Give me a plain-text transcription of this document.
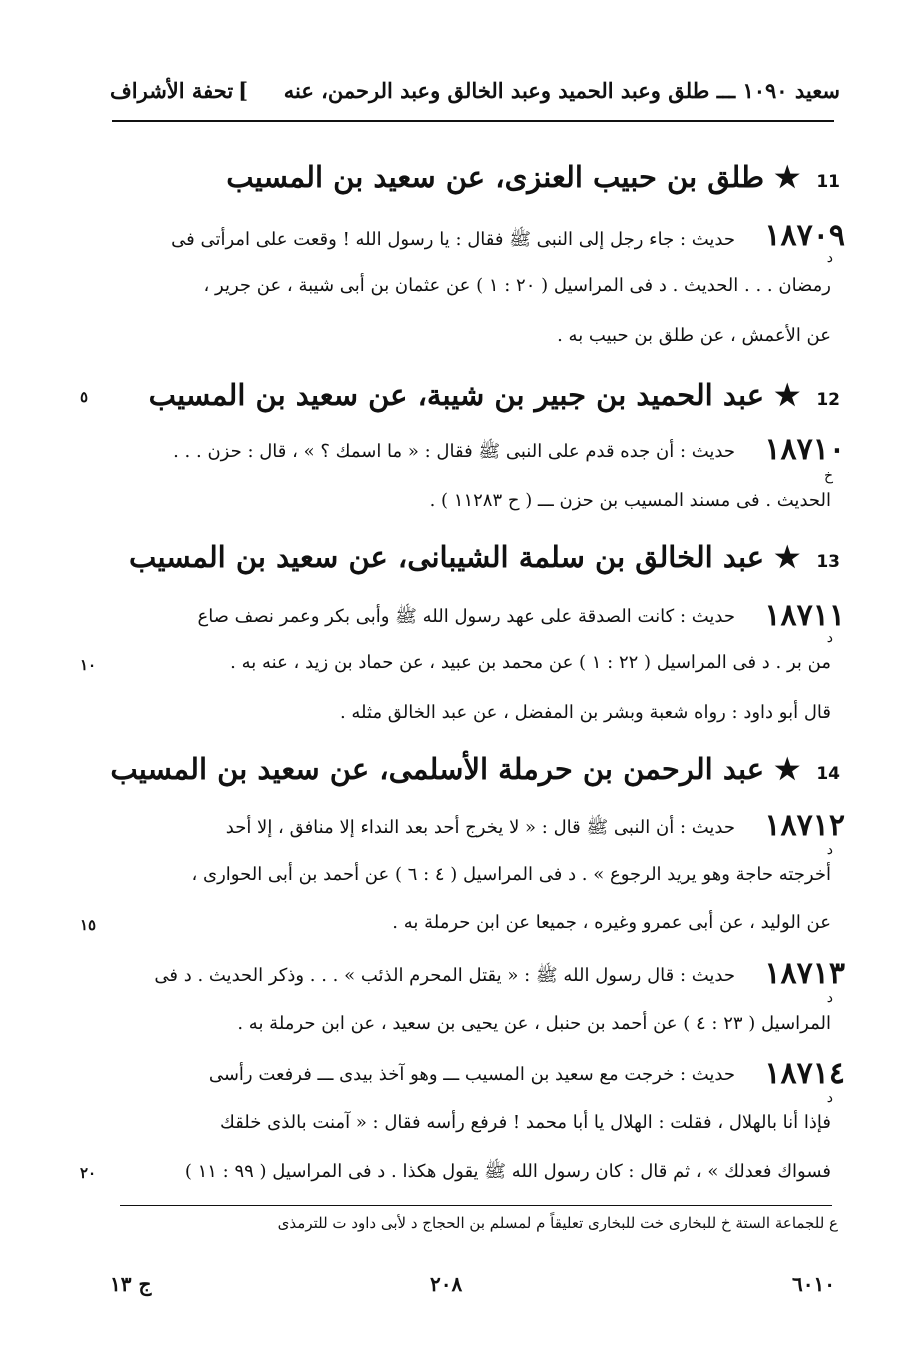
سعيد ١٠٩٠ ـــ طلق وعبد الحميد وعبد الخالق وعبد الرحمن، عنه
[
تحفة الأشراف
11 ★ طلق بن حبيب العنزى، عن سعيد بن المسيب
١٨٧٠٩
د
حديث : جاء رجل إلى النبى ﷺ فقال : يا رسول الله ! وقعت على امرأتى فى
رمضان . . . الحديث . د فى المراسيل ( ٢٠ : ١ ) عن عثمان بن أبى شيبة ، عن جرير ،
عن الأعمش ، عن طلق بن حبيب به .
٥	12 ★ عبد الحميد بن جبير بن شيبة، عن سعيد بن المسيب
١٨٧١٠
خ
حديث : أن جده قدم على النبى ﷺ فقال : « ما اسمك ؟ » ، قال : حزن . . .
الحديث . فى مسند المسيب بن حزن ـــ ( ح ١١٢٨٣ ) .
13 ★ عبد الخالق بن سلمة الشيبانى، عن سعيد بن المسيب
١٨٧١١
د
حديث : كانت الصدقة على عهد رسول الله ﷺ وأبى بكر وعمر نصف صاع
١٠	من بر . د فى المراسيل ( ٢٢ : ١ ) عن محمد بن عبيد ، عن حماد بن زيد ، عنه به .
قال أبو داود : رواه شعبة وبشر بن المفضل ، عن عبد الخالق مثله .
14 ★ عبد الرحمن بن حرملة الأسلمى، عن سعيد بن المسيب
١٨٧١٢
د
حديث : أن النبى ﷺ قال : « لا يخرج أحد بعد النداء إلا منافق ، إلا أحد
أخرجته حاجة وهو يريد الرجوع » . د فى المراسيل ( ٤ : ٦ ) عن أحمد بن أبى الحوارى ،
١٥	عن الوليد ، عن أبى عمرو وغيره ، جميعا عن ابن حرملة به .
١٨٧١٣
د
حديث : قال رسول الله ﷺ : « يقتل المحرم الذئب » . . . وذكر الحديث . د فى
المراسيل ( ٢٣ : ٤ ) عن أحمد بن حنبل ، عن يحيى بن سعيد ، عن ابن حرملة به .
١٨٧١٤
د
حديث : خرجت مع سعيد بن المسيب ـــ وهو آخذ بيدى ـــ فرفعت رأسى
فإذا أنا بالهلال ، فقلت : الهلال يا أبا محمد ! فرفع رأسه فقال : « آمنت بالذى خلقك
٢٠	فسواك فعدلك » ، ثم قال : كان رسول الله ﷺ يقول هكذا . د فى المراسيل ( ٩٩ : ١١ )
ع للجماعة الستة خ للبخارى خت للبخارى تعليقاً م لمسلم بن الحجاج د لأبى داود ت للترمذى
ج ١٣	٢٠٨	٦٠١٠
